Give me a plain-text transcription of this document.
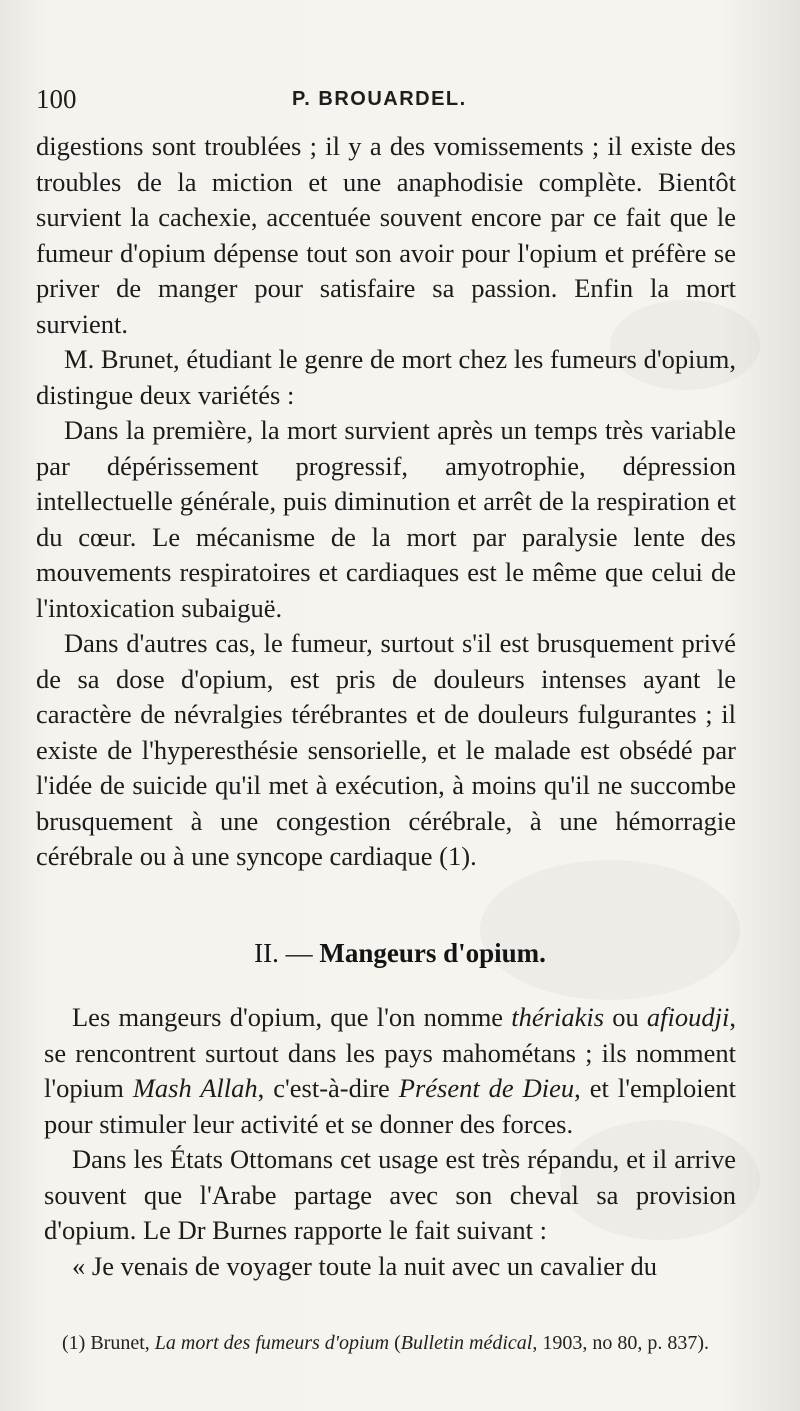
100	P. BROUARDEL.

digestions sont troublées ; il y a des vomissements ; il existe des troubles de la miction et une anaphodisie complète. Bientôt survient la cachexie, accentuée souvent encore par ce fait que le fumeur d'opium dépense tout son avoir pour l'opium et préfère se priver de manger pour satisfaire sa passion. Enfin la mort survient.

M. Brunet, étudiant le genre de mort chez les fumeurs d'opium, distingue deux variétés :

Dans la première, la mort survient après un temps très variable par dépérissement progressif, amyotrophie, dépression intellectuelle générale, puis diminution et arrêt de la respiration et du cœur. Le mécanisme de la mort par paralysie lente des mouvements respiratoires et cardiaques est le même que celui de l'intoxication subaiguë.

Dans d'autres cas, le fumeur, surtout s'il est brusquement privé de sa dose d'opium, est pris de douleurs intenses ayant le caractère de névralgies térébrantes et de douleurs fulgurantes ; il existe de l'hyperesthésie sensorielle, et le malade est obsédé par l'idée de suicide qu'il met à exécution, à moins qu'il ne succombe brusquement à une congestion cérébrale, à une hémorragie cérébrale ou à une syncope cardiaque (1).

II. — Mangeurs d'opium.

Les mangeurs d'opium, que l'on nomme thériakis ou afioudji, se rencontrent surtout dans les pays mahométans ; ils nomment l'opium Mash Allah, c'est-à-dire Présent de Dieu, et l'emploient pour stimuler leur activité et se donner des forces.

Dans les États Ottomans cet usage est très répandu, et il arrive souvent que l'Arabe partage avec son cheval sa provision d'opium. Le Dr Burnes rapporte le fait suivant :

« Je venais de voyager toute la nuit avec un cavalier du

(1) Brunet, La mort des fumeurs d'opium (Bulletin médical, 1903, no 80, p. 837).
